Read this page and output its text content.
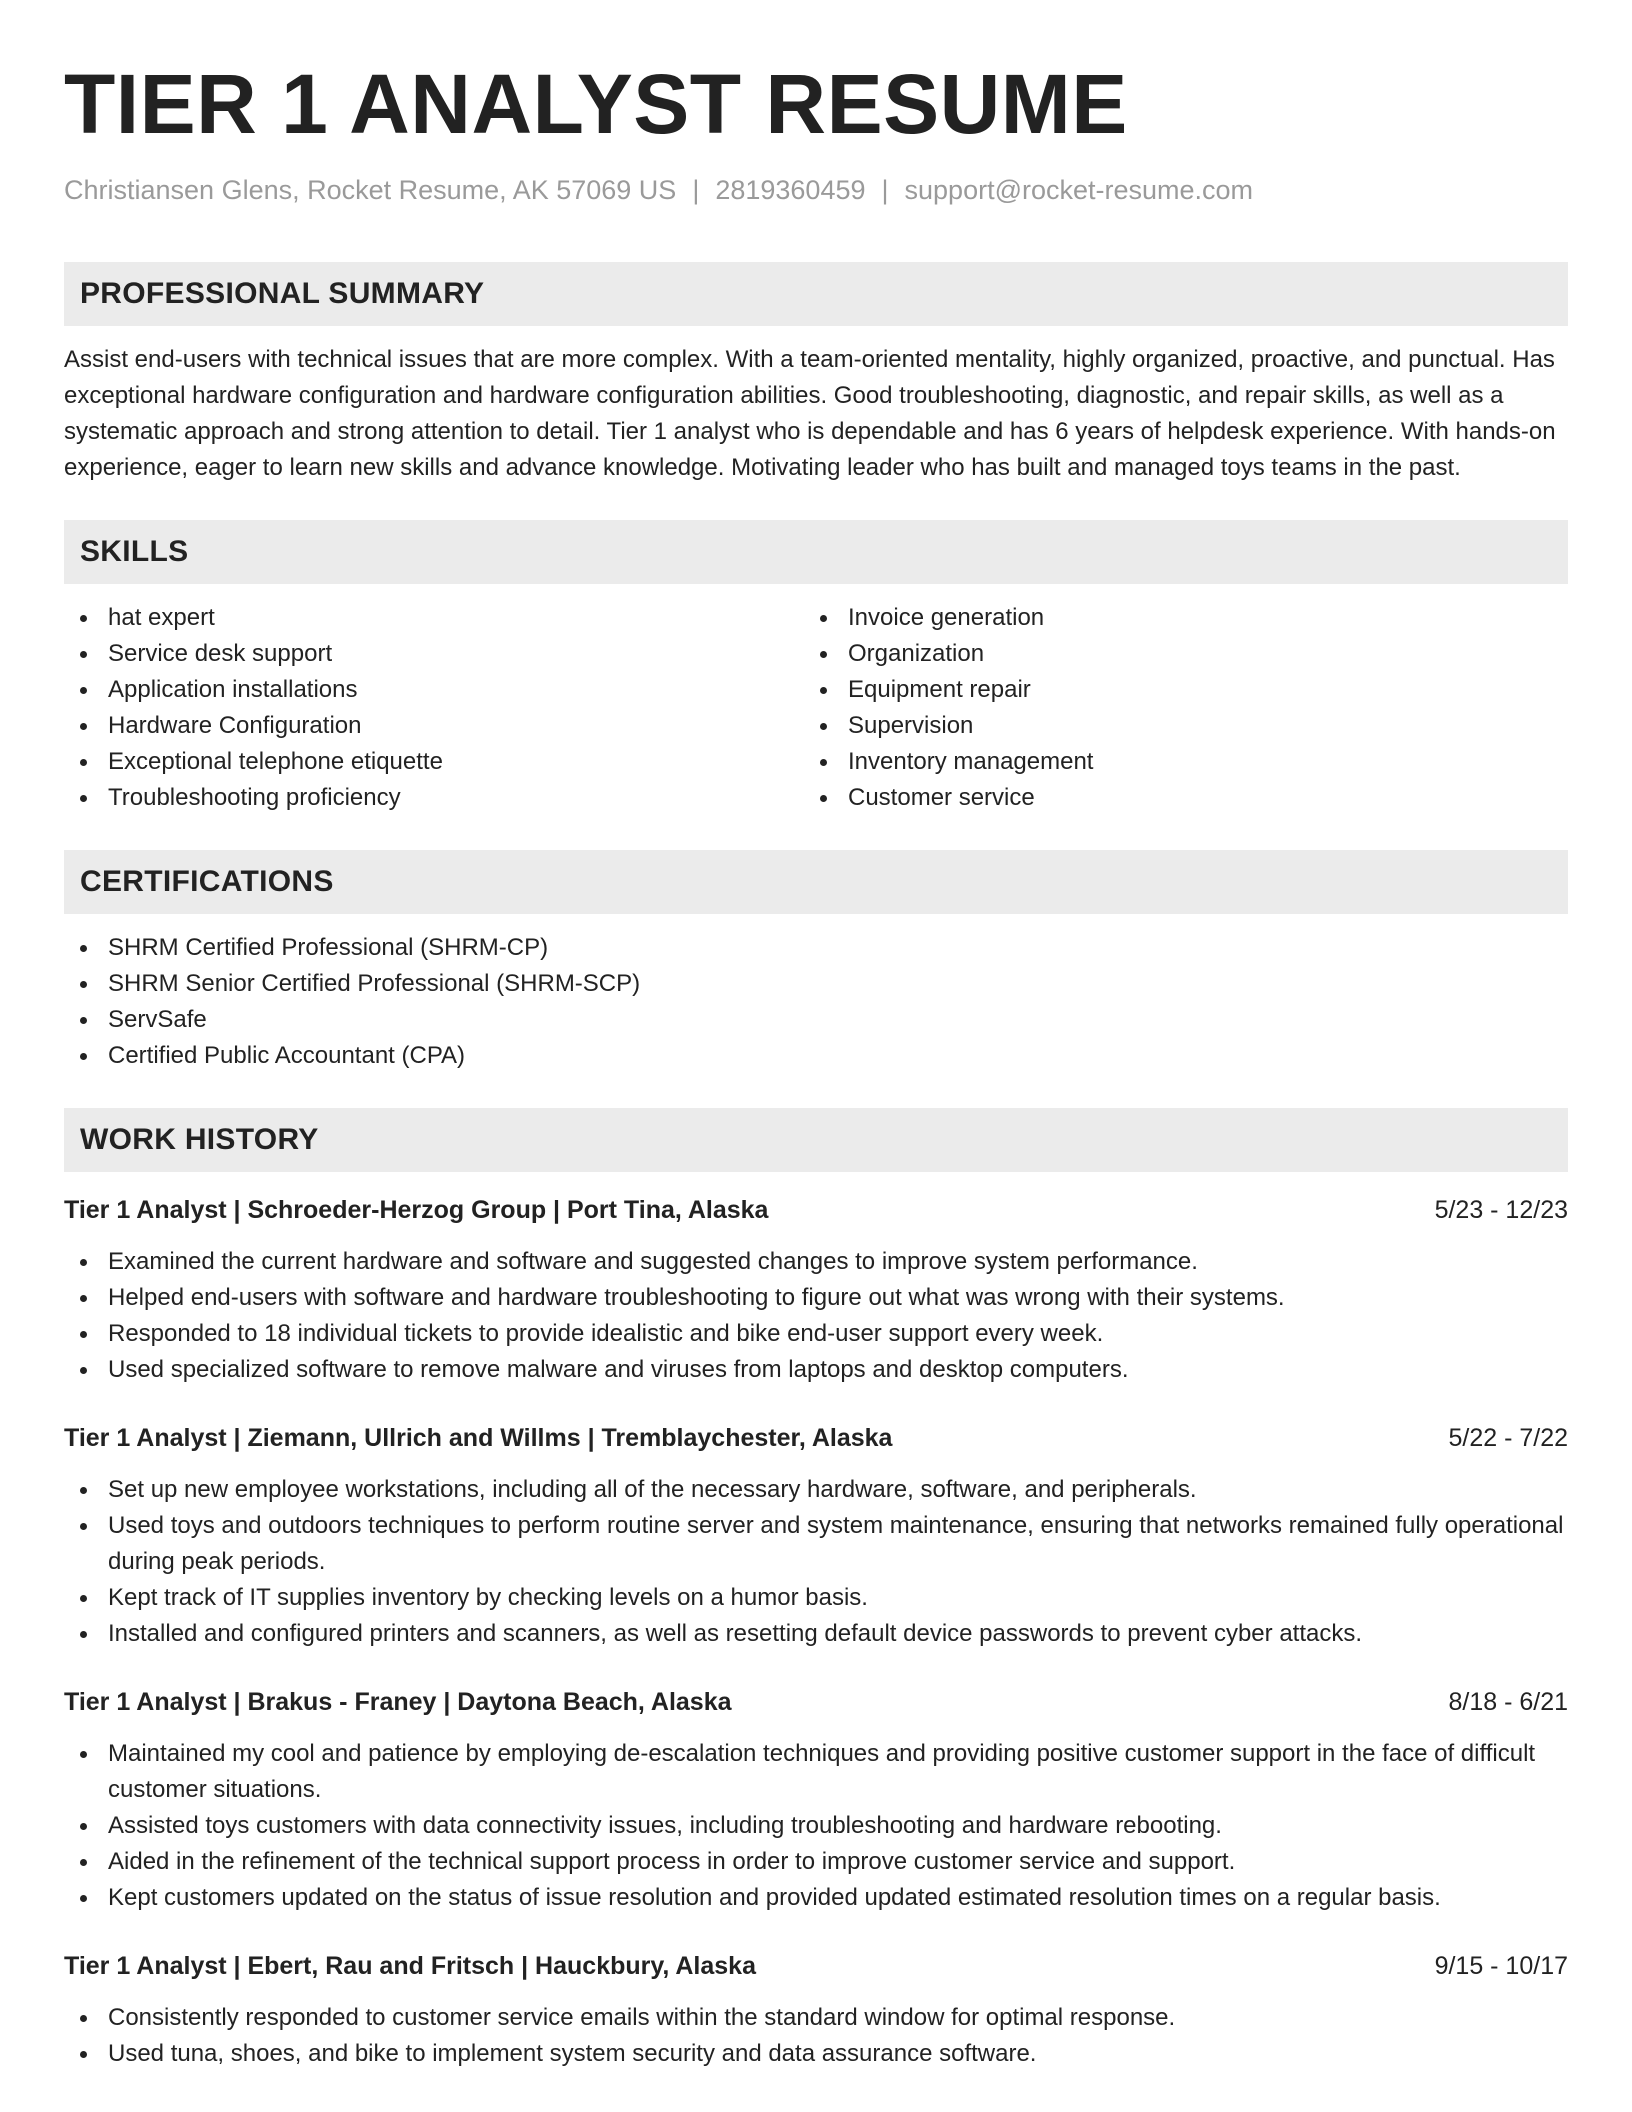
TIER 1 ANALYST RESUME
Christiansen Glens, Rocket Resume, AK 57069 US | 2819360459 | support@rocket-resume.com
PROFESSIONAL SUMMARY

Assist end-users with technical issues that are more complex. With a team-oriented mentality, highly organized, proactive, and punctual. Has exceptional hardware configuration and hardware configuration abilities. Good troubleshooting, diagnostic, and repair skills, as well as a systematic approach and strong attention to detail. Tier 1 analyst who is dependable and has 6 years of helpdesk experience. With hands-on experience, eager to learn new skills and advance knowledge. Motivating leader who has built and managed toys teams in the past.

SKILLS
hat expert
Service desk support
Application installations
Hardware Configuration
Exceptional telephone etiquette
Troubleshooting proficiency
Invoice generation
Organization
Equipment repair
Supervision
Inventory management
Customer service
CERTIFICATIONS
SHRM Certified Professional (SHRM-CP)
SHRM Senior Certified Professional (SHRM-SCP)
ServSafe
Certified Public Accountant (CPA)
WORK HISTORY
Tier 1 Analyst | Schroeder-Herzog Group | Port Tina, Alaska	5/23 - 12/23
Examined the current hardware and software and suggested changes to improve system performance.
Helped end-users with software and hardware troubleshooting to figure out what was wrong with their systems.
Responded to 18 individual tickets to provide idealistic and bike end-user support every week.
Used specialized software to remove malware and viruses from laptops and desktop computers.
Tier 1 Analyst | Ziemann, Ullrich and Willms | Tremblaychester, Alaska	5/22 - 7/22
Set up new employee workstations, including all of the necessary hardware, software, and peripherals.
Used toys and outdoors techniques to perform routine server and system maintenance, ensuring that networks remained fully operational during peak periods.
Kept track of IT supplies inventory by checking levels on a humor basis.
Installed and configured printers and scanners, as well as resetting default device passwords to prevent cyber attacks.
Tier 1 Analyst | Brakus - Franey | Daytona Beach, Alaska	8/18 - 6/21
Maintained my cool and patience by employing de-escalation techniques and providing positive customer support in the face of difficult customer situations.
Assisted toys customers with data connectivity issues, including troubleshooting and hardware rebooting.
Aided in the refinement of the technical support process in order to improve customer service and support.
Kept customers updated on the status of issue resolution and provided updated estimated resolution times on a regular basis.
Tier 1 Analyst | Ebert, Rau and Fritsch | Hauckbury, Alaska	9/15 - 10/17
Consistently responded to customer service emails within the standard window for optimal response.
Used tuna, shoes, and bike to implement system security and data assurance software.
